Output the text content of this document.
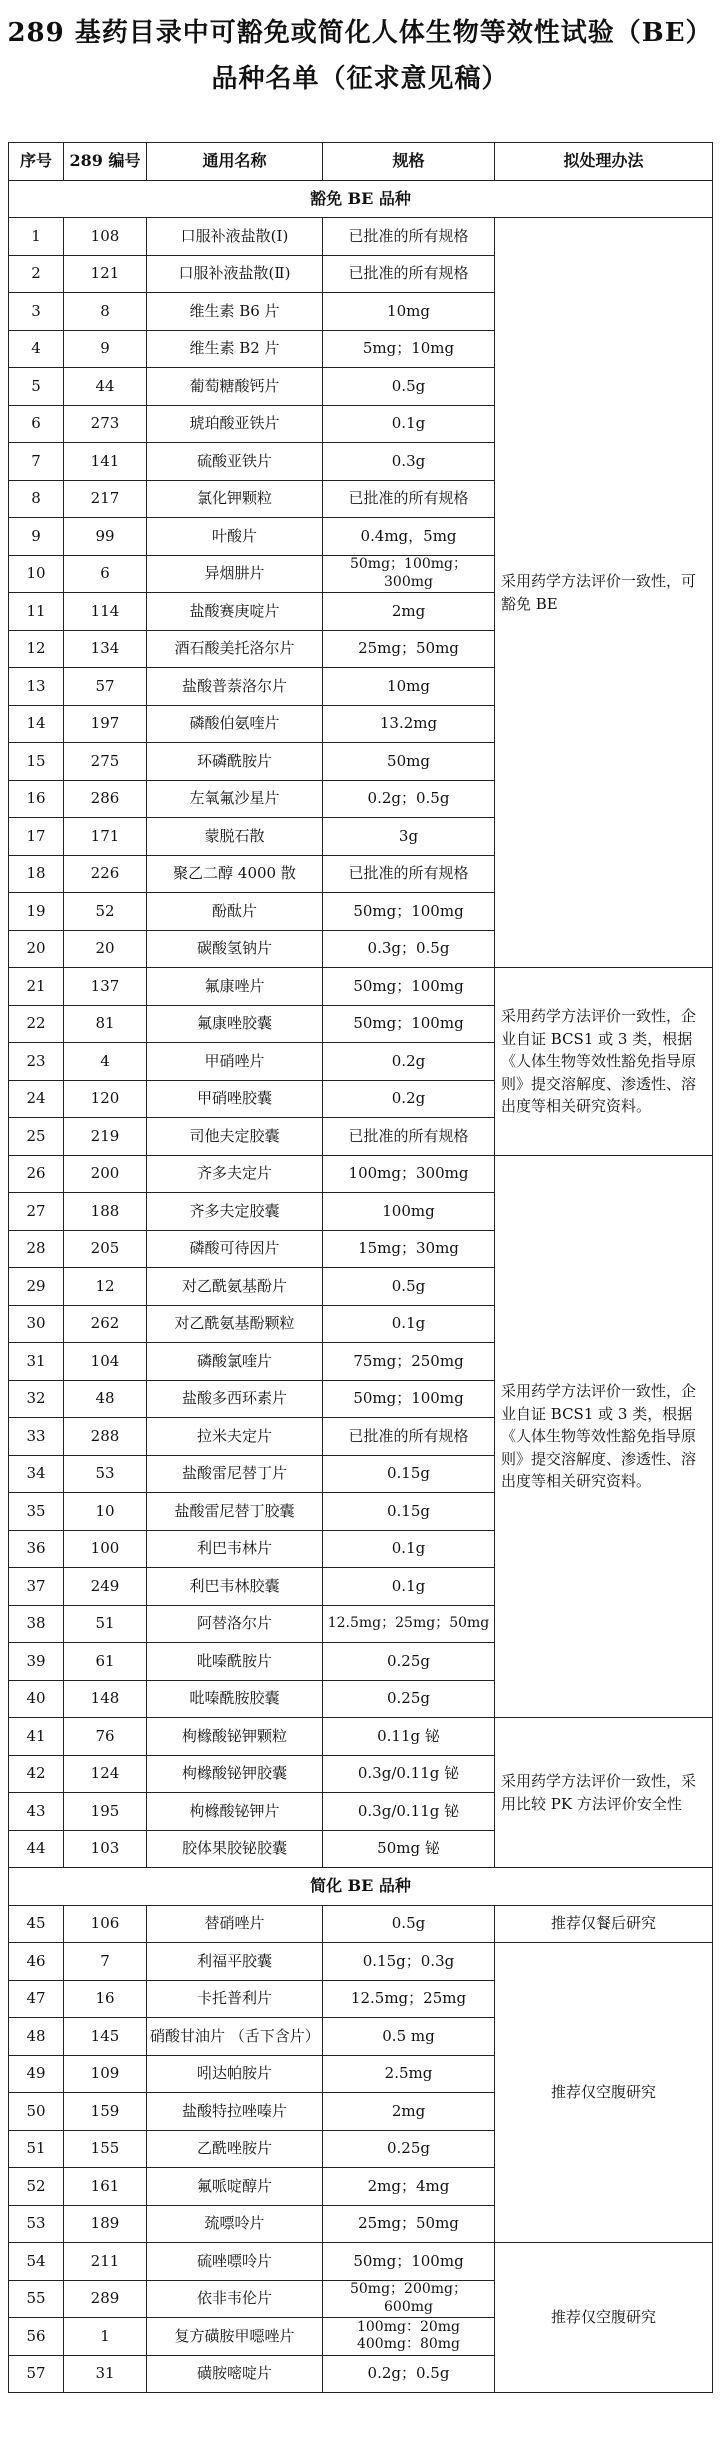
289 基药目录中可豁免或简化人体生物等效性试验（BE）
品种名单（征求意见稿）
序号	289 编号	通用名称	规格	拟处理办法
豁免 BE 品种				
1	108	口服补液盐散(Ⅰ)	已批准的所有规格	采用药学方法评价一致性，可豁免 BE
2	121	口服补液盐散(Ⅱ)	已批准的所有规格	
3	8	维生素 B6 片	10mg	
4	9	维生素 B2 片	5mg；10mg	
5	44	葡萄糖酸钙片	0.5g	
6	273	琥珀酸亚铁片	0.1g	
7	141	硫酸亚铁片	0.3g	
8	217	氯化钾颗粒	已批准的所有规格	
9	99	叶酸片	0.4mg，5mg	
10	6	异烟肼片	50mg；100mg；300mg	
11	114	盐酸赛庚啶片	2mg	
12	134	酒石酸美托洛尔片	25mg；50mg	
13	57	盐酸普萘洛尔片	10mg	
14	197	磷酸伯氨喹片	13.2mg	
15	275	环磷酰胺片	50mg	
16	286	左氧氟沙星片	0.2g；0.5g	
17	171	蒙脱石散	3g	
18	226	聚乙二醇 4000 散	已批准的所有规格	
19	52	酚酞片	50mg；100mg	
20	20	碳酸氢钠片	0.3g；0.5g	
21	137	氟康唑片	50mg；100mg	采用药学方法评价一致性，企业自证 BCS1 或 3 类，根据《人体生物等效性豁免指导原则》提交溶解度、渗透性、溶出度等相关研究资料。
22	81	氟康唑胶囊	50mg；100mg	
23	4	甲硝唑片	0.2g	
24	120	甲硝唑胶囊	0.2g	
25	219	司他夫定胶囊	已批准的所有规格	
26	200	齐多夫定片	100mg；300mg	采用药学方法评价一致性，企业自证 BCS1 或 3 类，根据《人体生物等效性豁免指导原则》提交溶解度、渗透性、溶出度等相关研究资料。
27	188	齐多夫定胶囊	100mg	
28	205	磷酸可待因片	15mg；30mg	
29	12	对乙酰氨基酚片	0.5g	
30	262	对乙酰氨基酚颗粒	0.1g	
31	104	磷酸氯喹片	75mg；250mg	
32	48	盐酸多西环素片	50mg；100mg	
33	288	拉米夫定片	已批准的所有规格	
34	53	盐酸雷尼替丁片	0.15g	
35	10	盐酸雷尼替丁胶囊	0.15g	
36	100	利巴韦林片	0.1g	
37	249	利巴韦林胶囊	0.1g	
38	51	阿替洛尔片	12.5mg；25mg；50mg	
39	61	吡嗪酰胺片	0.25g	
40	148	吡嗪酰胺胶囊	0.25g	
41	76	枸橼酸铋钾颗粒	0.11g 铋	采用药学方法评价一致性，采用比较 PK 方法评价安全性
42	124	枸橼酸铋钾胶囊	0.3g/0.11g 铋	
43	195	枸橼酸铋钾片	0.3g/0.11g 铋	
44	103	胶体果胶铋胶囊	50mg 铋	
简化 BE 品种				
45	106	替硝唑片	0.5g	推荐仅餐后研究
46	7	利福平胶囊	0.15g；0.3g	推荐仅空腹研究
47	16	卡托普利片	12.5mg；25mg	
48	145	硝酸甘油片 （舌下含片）	0.5 mg	
49	109	吲达帕胺片	2.5mg	
50	159	盐酸特拉唑嗪片	2mg	
51	155	乙酰唑胺片	0.25g	
52	161	氟哌啶醇片	2mg；4mg	
53	189	巯嘌呤片	25mg；50mg	
54	211	硫唑嘌呤片	50mg；100mg	推荐仅空腹研究
55	289	依非韦伦片	50mg；200mg；600mg	
56	1	复方磺胺甲噁唑片	100mg：20mg 400mg：80mg	
57	31	磺胺嘧啶片	0.2g；0.5g	
